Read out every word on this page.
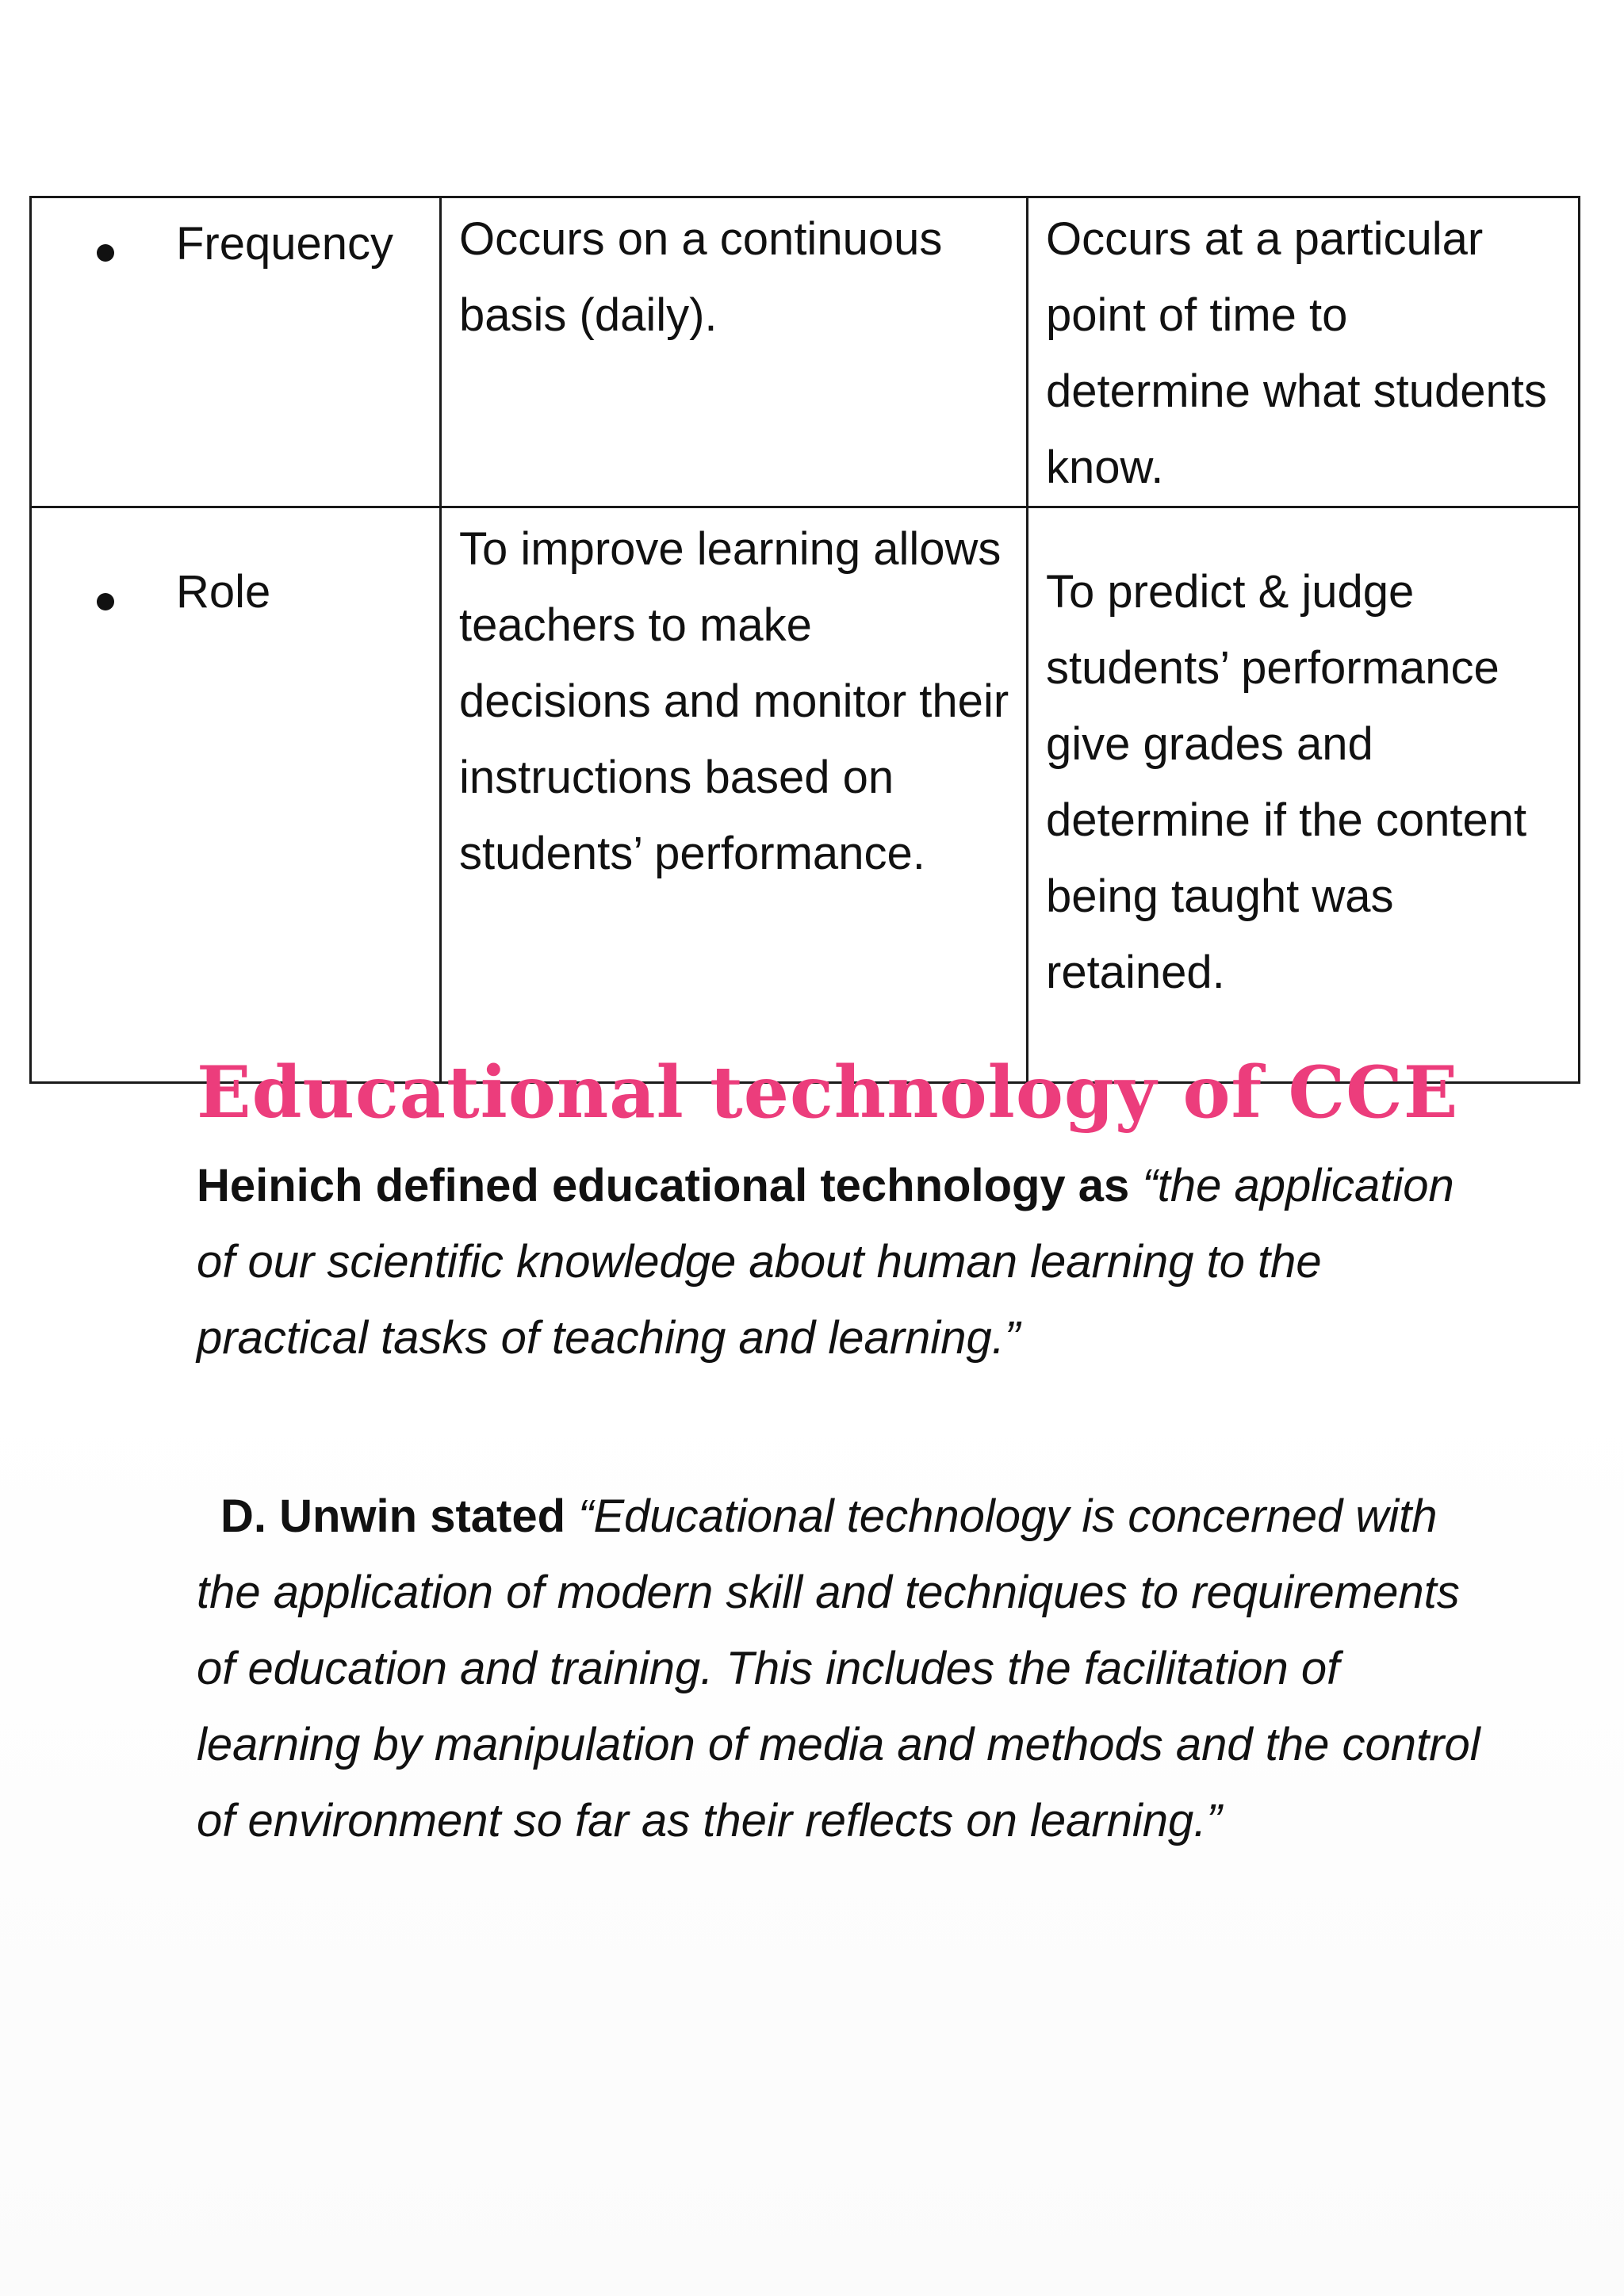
Frequency	Occurs on a continuous basis (daily).	Occurs at a particular point of time to determine what students know.

Role	To improve learning allows teachers to make decisions and monitor their instructions based on students’ performance.	To predict & judge students’ performance give grades and determine if the content being taught was retained.
Educational technology of CCE

Heinich defined educational technology as “the application of our scientific knowledge about human learning to the practical tasks of teaching and learning.”

D. Unwin stated “Educational technology is concerned with the application of modern skill and techniques to requirements of education and training. This includes the facilitation of learning by manipulation of media and methods and the control of environment so far as their reflects on learning.”
